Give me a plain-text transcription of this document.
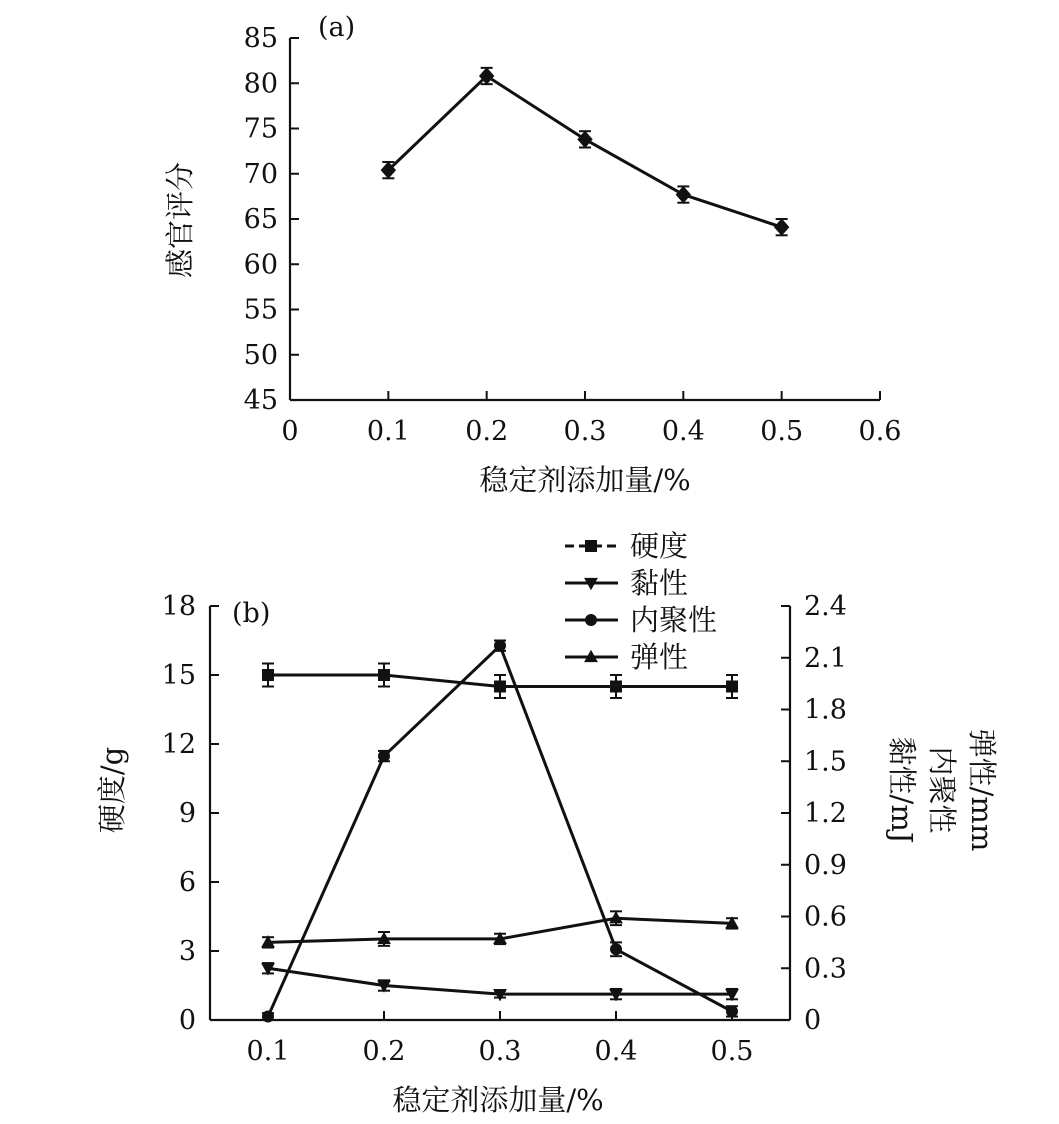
45
50
55
60
65
70
75
80
85
0	0.1 0.2 0.3 0.4 0.5 0.6
稳定剂添加量/%
感官评分
(a)
0
3
6
9
12
15
18
0
0.3
0.6
0.9
1.2
1.5
1.8
2.1
2.4
0.1	0.2	0.3	0.4	0.5
稳定剂添加量/%
硬度/g	黏性/mJ 内聚性 弹性/mm
(b)
硬度
黏性
内聚性
弹性
